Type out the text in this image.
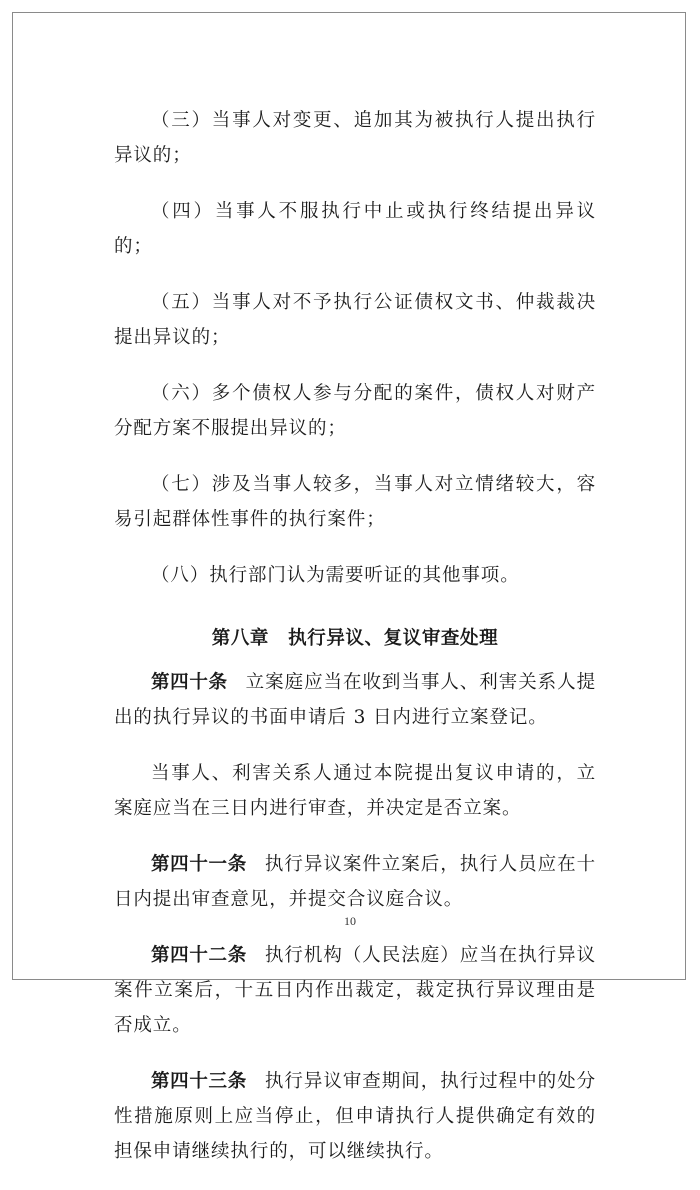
（三）当事人对变更、追加其为被执行人提出执行异议的；

（四）当事人不服执行中止或执行终结提出异议的；

（五）当事人对不予执行公证债权文书、仲裁裁决提出异议的；

（六）多个债权人参与分配的案件，债权人对财产分配方案不服提出异议的；

（七）涉及当事人较多，当事人对立情绪较大，容易引起群体性事件的执行案件；

（八）执行部门认为需要听证的其他事项。

第八章　执行异议、复议审查处理

第四十条 立案庭应当在收到当事人、利害关系人提出的执行异议的书面申请后 3 日内进行立案登记。

当事人、利害关系人通过本院提出复议申请的，立案庭应当在三日内进行审查，并决定是否立案。

第四十一条 执行异议案件立案后，执行人员应在十日内提出审查意见，并提交合议庭合议。

第四十二条 执行机构（人民法庭）应当在执行异议案件立案后，十五日内作出裁定，裁定执行异议理由是否成立。

第四十三条 执行异议审查期间，执行过程中的处分性措施原则上应当停止，但申请执行人提供确定有效的担保申请继续执行的，可以继续执行。

10
